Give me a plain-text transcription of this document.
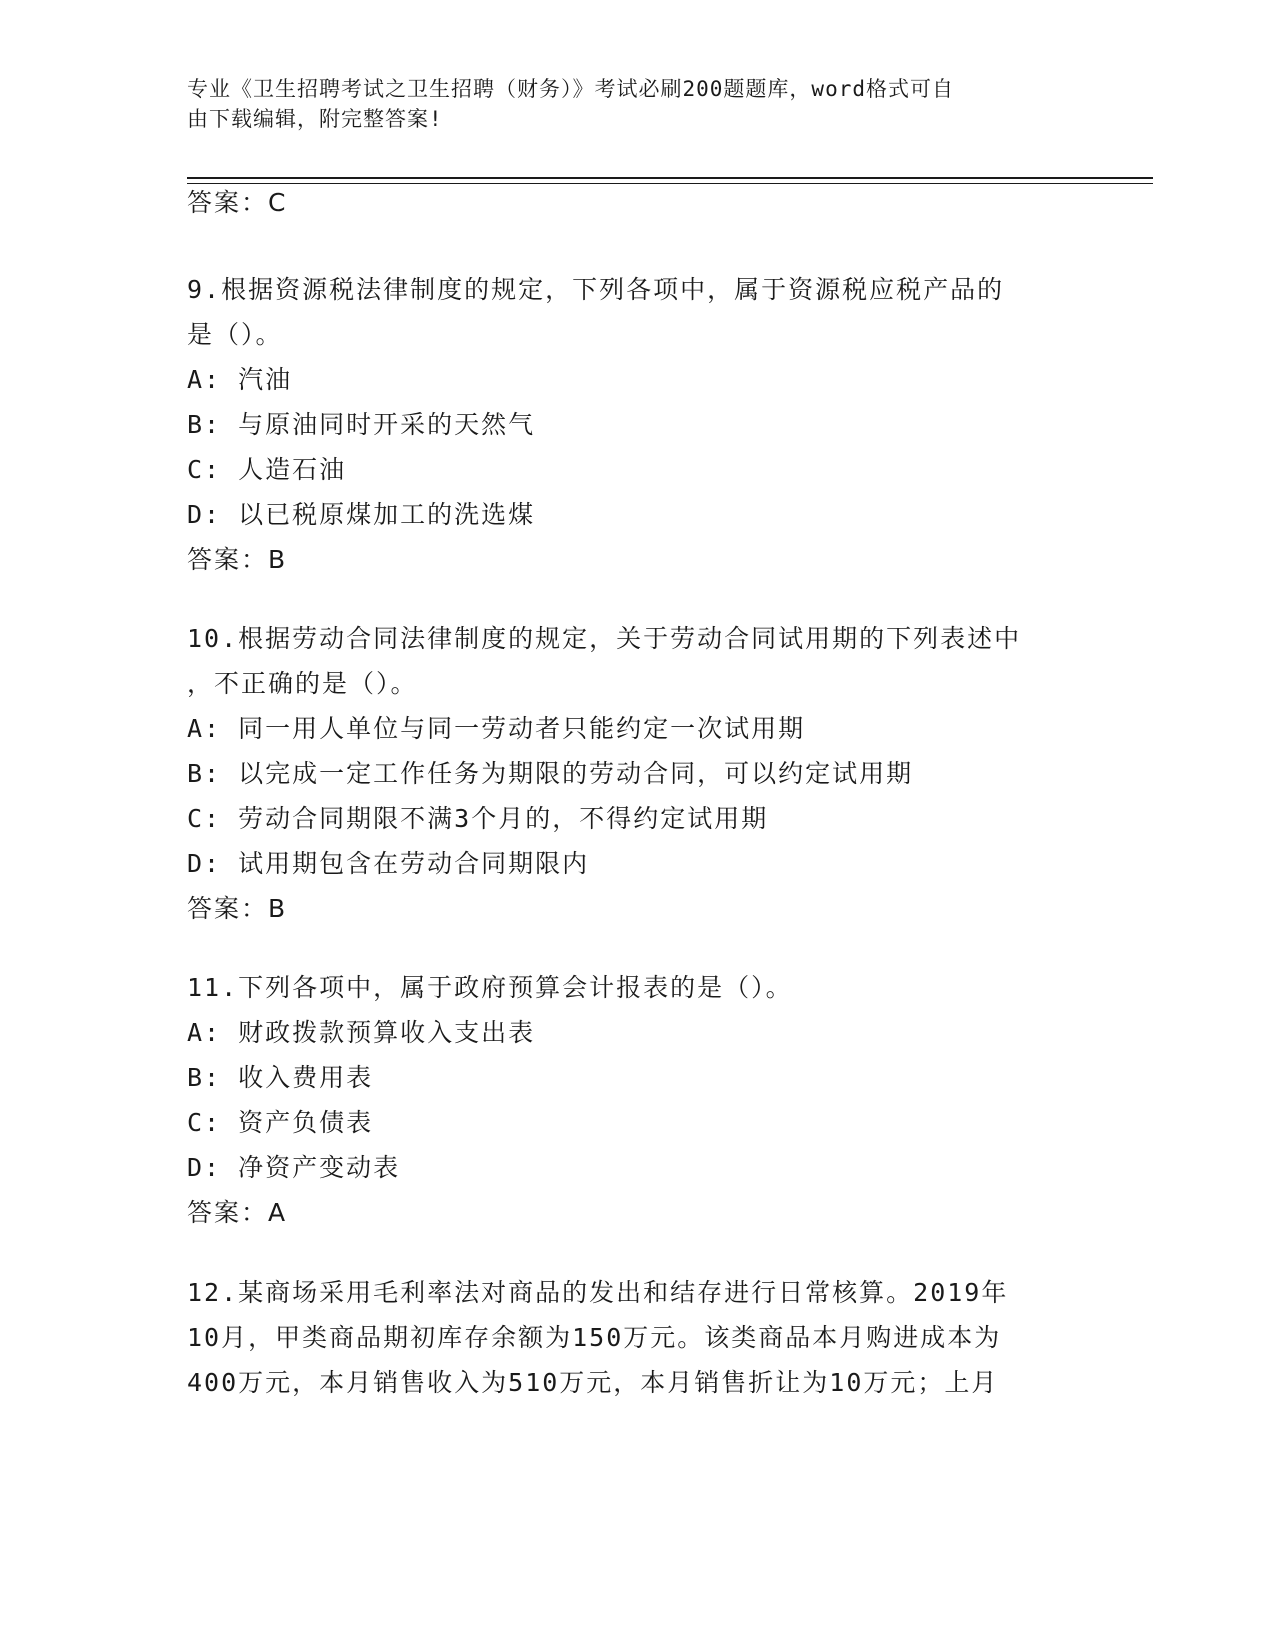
专业《卫生招聘考试之卫生招聘（财务）》考试必刷200题题库，word格式可自
由下载编辑，附完整答案!
答案：C
9.根据资源税法律制度的规定，下列各项中，属于资源税应税产品的
是（）。
A: 汽油
B: 与原油同时开采的天然气
C: 人造石油
D: 以已税原煤加工的洗选煤
答案：B
10.根据劳动合同法律制度的规定，关于劳动合同试用期的下列表述中
，不正确的是（）。
A: 同一用人单位与同一劳动者只能约定一次试用期
B: 以完成一定工作任务为期限的劳动合同，可以约定试用期
C: 劳动合同期限不满3个月的，不得约定试用期
D: 试用期包含在劳动合同期限内
答案：B
11.下列各项中，属于政府预算会计报表的是（）。
A: 财政拨款预算收入支出表
B: 收入费用表
C: 资产负债表
D: 净资产变动表
答案：A
12.某商场采用毛利率法对商品的发出和结存进行日常核算。2019年
10月，甲类商品期初库存余额为150万元。该类商品本月购进成本为
400万元，本月销售收入为510万元，本月销售折让为10万元；上月
